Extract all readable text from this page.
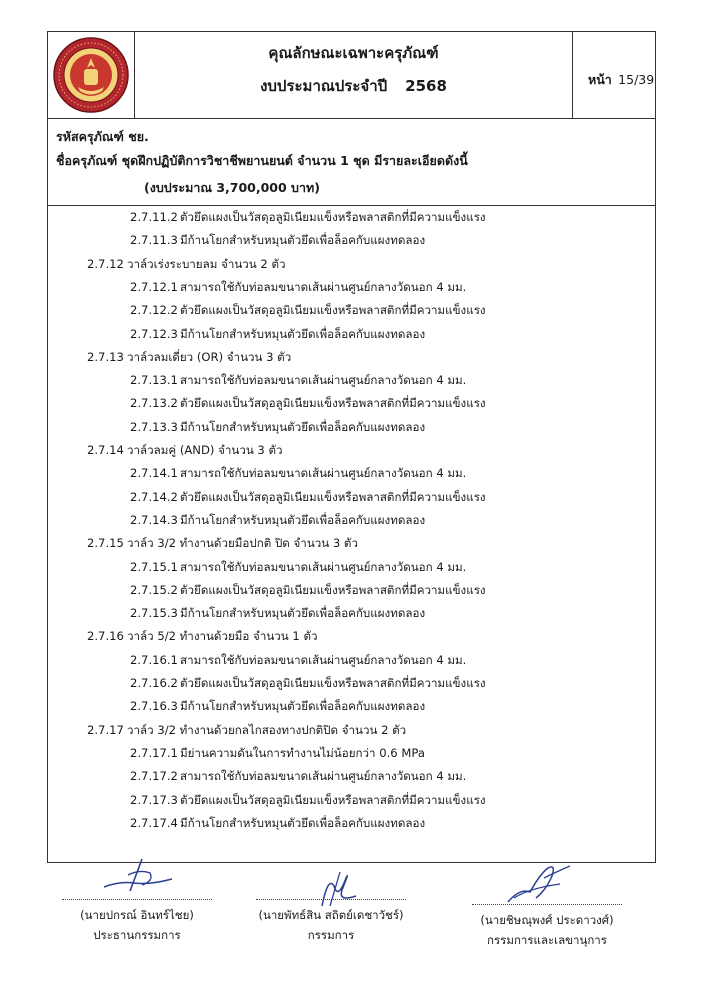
คุณลักษณะเฉพาะครุภัณฑ์
งบประมาณประจำปี 2568	หน้า 15/39
รหัสครุภัณฑ์ ชย.
ชื่อครุภัณฑ์ ชุดฝึกปฏิบัติการวิชาชีพยานยนต์ จำนวน 1 ชุด มีรายละเอียดดังนี้
(งบประมาณ 3,700,000 บาท)
2.7.11.2 ตัวยึดแผงเป็นวัสดุอลูมิเนียมแข็งหรือพลาสติกที่มีความแข็งแรง
2.7.11.3 มีก้านโยกสำหรับหมุนตัวยึดเพื่อล็อคกับแผงทดลอง
2.7.12 วาล์วเร่งระบายลม จำนวน 2 ตัว
2.7.12.1 สามารถใช้กับท่อลมขนาดเส้นผ่านศูนย์กลางวัดนอก 4 มม.
2.7.12.2 ตัวยึดแผงเป็นวัสดุอลูมิเนียมแข็งหรือพลาสติกที่มีความแข็งแรง
2.7.12.3 มีก้านโยกสำหรับหมุนตัวยึดเพื่อล็อคกับแผงทดลอง
2.7.13 วาล์วลมเดี่ยว (OR) จำนวน 3 ตัว
2.7.13.1 สามารถใช้กับท่อลมขนาดเส้นผ่านศูนย์กลางวัดนอก 4 มม.
2.7.13.2 ตัวยึดแผงเป็นวัสดุอลูมิเนียมแข็งหรือพลาสติกที่มีความแข็งแรง
2.7.13.3 มีก้านโยกสำหรับหมุนตัวยึดเพื่อล็อคกับแผงทดลอง
2.7.14 วาล์วลมคู่ (AND) จำนวน 3 ตัว
2.7.14.1 สามารถใช้กับท่อลมขนาดเส้นผ่านศูนย์กลางวัดนอก 4 มม.
2.7.14.2 ตัวยึดแผงเป็นวัสดุอลูมิเนียมแข็งหรือพลาสติกที่มีความแข็งแรง
2.7.14.3 มีก้านโยกสำหรับหมุนตัวยึดเพื่อล็อคกับแผงทดลอง
2.7.15 วาล์ว 3/2 ทำงานด้วยมือปกติ ปิด จำนวน 3 ตัว
2.7.15.1 สามารถใช้กับท่อลมขนาดเส้นผ่านศูนย์กลางวัดนอก 4 มม.
2.7.15.2 ตัวยึดแผงเป็นวัสดุอลูมิเนียมแข็งหรือพลาสติกที่มีความแข็งแรง
2.7.15.3 มีก้านโยกสำหรับหมุนตัวยึดเพื่อล็อคกับแผงทดลอง
2.7.16 วาล์ว 5/2 ทำงานด้วยมือ จำนวน 1 ตัว
2.7.16.1 สามารถใช้กับท่อลมขนาดเส้นผ่านศูนย์กลางวัดนอก 4 มม.
2.7.16.2 ตัวยึดแผงเป็นวัสดุอลูมิเนียมแข็งหรือพลาสติกที่มีความแข็งแรง
2.7.16.3 มีก้านโยกสำหรับหมุนตัวยึดเพื่อล็อคกับแผงทดลอง
2.7.17 วาล์ว 3/2 ทำงานด้วยกลไกสองทางปกติปิด จำนวน 2 ตัว
2.7.17.1 มีย่านความดันในการทำงานไม่น้อยกว่า 0.6 MPa
2.7.17.2 สามารถใช้กับท่อลมขนาดเส้นผ่านศูนย์กลางวัดนอก 4 มม.
2.7.17.3 ตัวยึดแผงเป็นวัสดุอลูมิเนียมแข็งหรือพลาสติกที่มีความแข็งแรง
2.7.17.4 มีก้านโยกสำหรับหมุนตัวยึดเพื่อล็อคกับแผงทดลอง
(นายปกรณ์ อินทร์ไชย)
ประธานกรรมการ
(นายพัทธ์สิน สถิตย์เดชาวัชร์)
กรรมการ
(นายชิษณุพงศ์ ประดาวงศ์)
กรรมการและเลขานุการ
